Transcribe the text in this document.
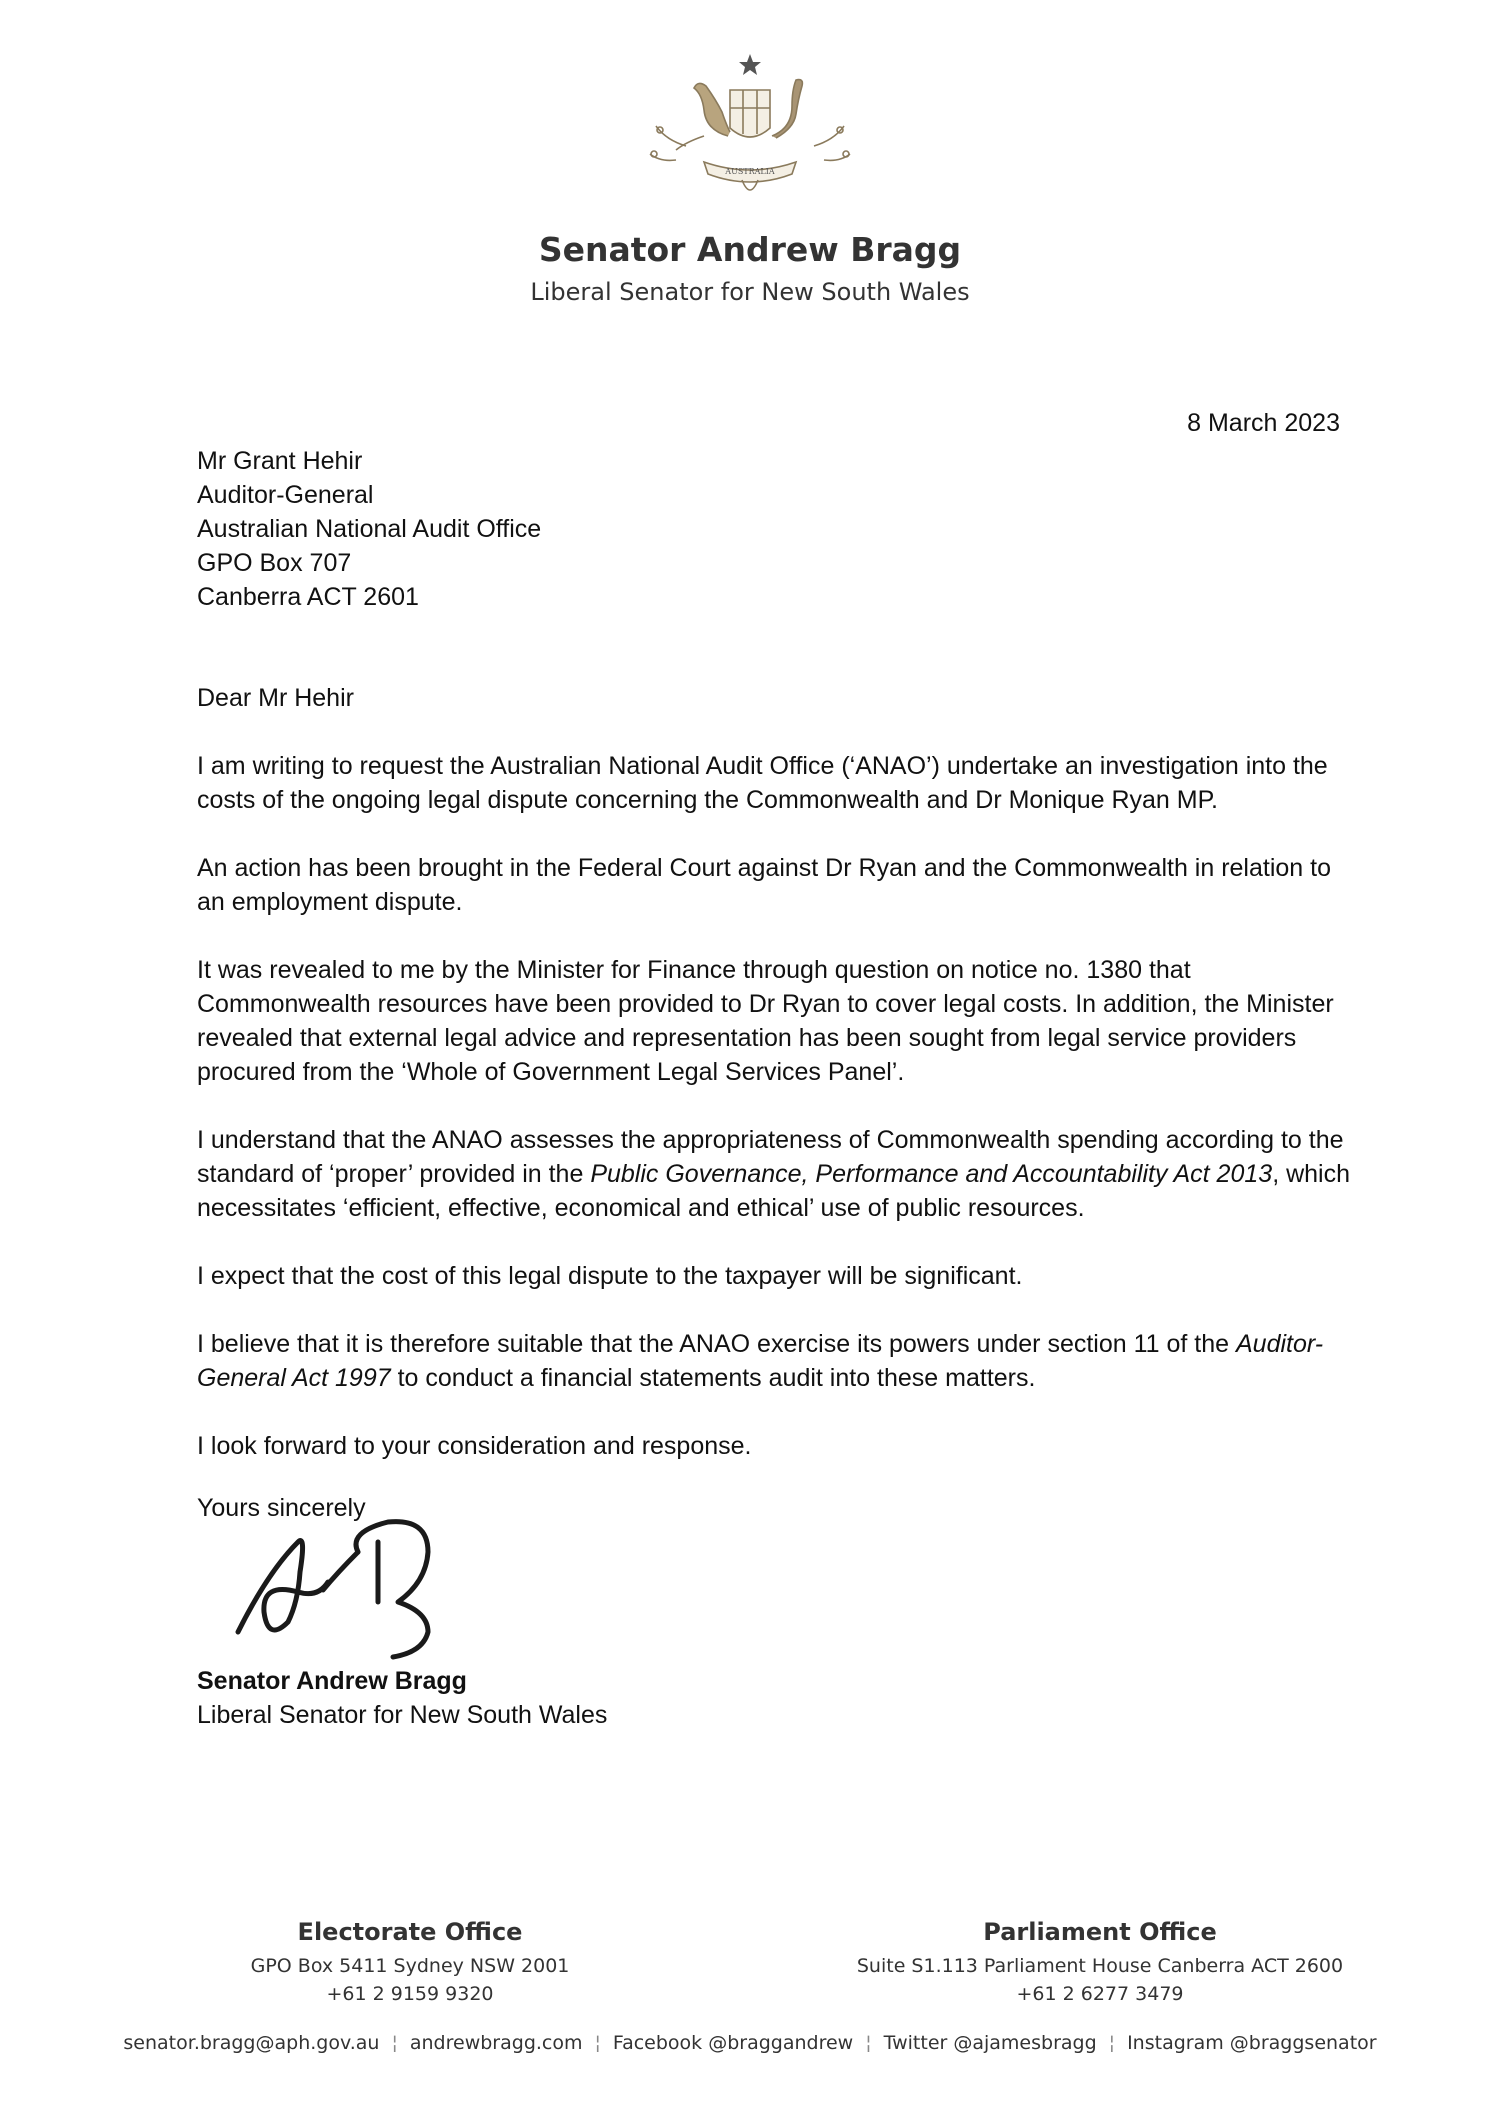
AUSTRALIA
Senator Andrew Bragg
Liberal Senator for New South Wales
8 March 2023
Mr Grant Hehir
Auditor-General
Australian National Audit Office
GPO Box 707
Canberra ACT 2601

Dear Mr Hehir

I am writing to request the Australian National Audit Office (‘ANAO’) undertake an investigation into the costs of the ongoing legal dispute concerning the Commonwealth and Dr Monique Ryan MP.

An action has been brought in the Federal Court against Dr Ryan and the Commonwealth in relation to an employment dispute.

It was revealed to me by the Minister for Finance through question on notice no. 1380 that Commonwealth resources have been provided to Dr Ryan to cover legal costs. In addition, the Minister revealed that external legal advice and representation has been sought from legal service providers procured from the ‘Whole of Government Legal Services Panel’.

I understand that the ANAO assesses the appropriateness of Commonwealth spending according to the standard of ‘proper’ provided in the Public Governance, Performance and Accountability Act 2013, which necessitates ‘efficient, effective, economical and ethical’ use of public resources.

I expect that the cost of this legal dispute to the taxpayer will be significant.

I believe that it is therefore suitable that the ANAO exercise its powers under section 11 of the Auditor-General Act 1997 to conduct a financial statements audit into these matters.

I look forward to your consideration and response.

Yours sincerely
Senator Andrew Bragg
Liberal Senator for New South Wales
Electorate Office
GPO Box 5411 Sydney NSW 2001
+61 2 9159 9320
Parliament Office
Suite S1.113 Parliament House Canberra ACT 2600
+61 2 6277 3479
senator.bragg@aph.gov.au ¦ andrewbragg.com ¦ Facebook @braggandrew ¦ Twitter @ajamesbragg ¦ Instagram @braggsenator
